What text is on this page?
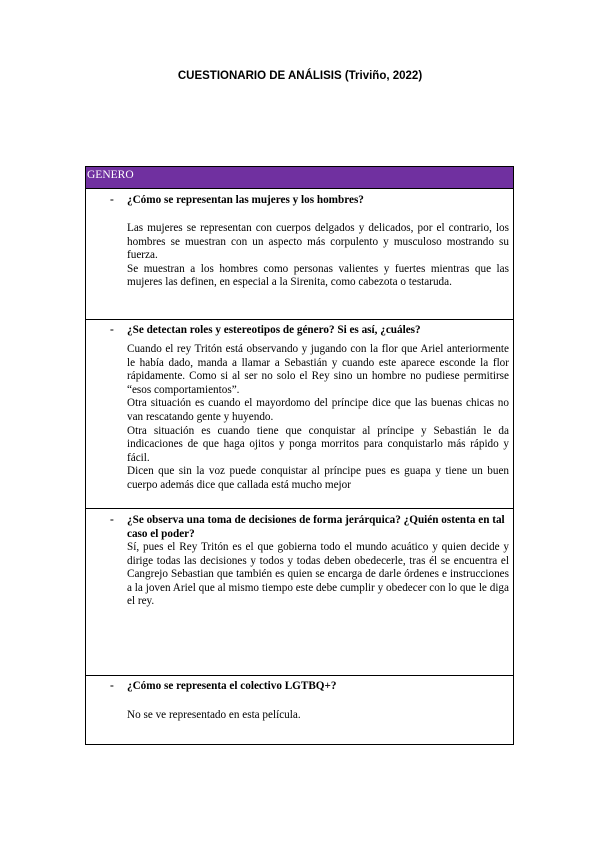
CUESTIONARIO DE ANÁLISIS (Triviño, 2022)
GENERO
- ¿Cómo se representan las mujeres y los hombres?

Las mujeres se representan con cuerpos delgados y delicados, por el contrario, los hombres se muestran con un aspecto más corpulento y musculoso mostrando su fuerza.

Se muestran a los hombres como personas valientes y fuertes mientras que las mujeres las definen, en especial a la Sirenita, como cabezota o testaruda.

- ¿Se detectan roles y estereotipos de género? Si es así, ¿cuáles?

Cuando el rey Tritón está observando y jugando con la flor que Ariel anteriormente le había dado, manda a llamar a Sebastián y cuando este aparece esconde la flor rápidamente. Como si al ser no solo el Rey sino un hombre no pudiese permitirse “esos comportamientos”.

Otra situación es cuando el mayordomo del príncipe dice que las buenas chicas no van rescatando gente y huyendo.

Otra situación es cuando tiene que conquistar al príncipe y Sebastián le da indicaciones de que haga ojitos y ponga morritos para conquistarlo más rápido y fácil.

Dicen que sin la voz puede conquistar al príncipe pues es guapa y tiene un buen cuerpo además dice que callada está mucho mejor

- ¿Se observa una toma de decisiones de forma jerárquica? ¿Quién ostenta en tal caso el poder?

Sí, pues el Rey Tritón es el que gobierna todo el mundo acuático y quien decide y dirige todas las decisiones y todos y todas deben obedecerle, tras él se encuentra el Cangrejo Sebastian que también es quien se encarga de darle órdenes e instrucciones a la joven Ariel que al mismo tiempo este debe cumplir y obedecer con lo que le diga el rey.

- ¿Cómo se representa el colectivo LGTBQ+?

No se ve representado en esta película.
